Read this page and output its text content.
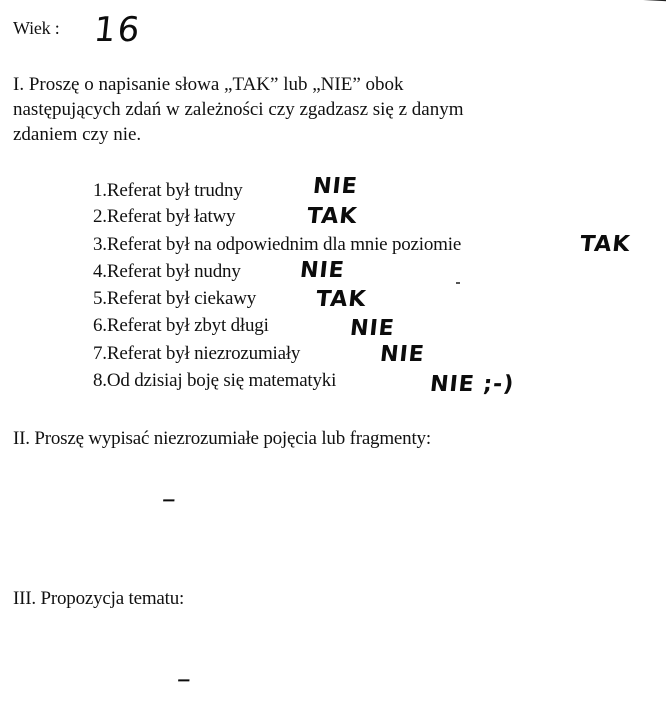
Wiek : 16
I. Proszę o napisanie słowa „TAK” lub „NIE” obok
następujących zdań w zależności czy zgadzasz się z danym
zdaniem czy nie.
1.Referat był trudny	NIE
2.Referat był łatwy	TAK
3.Referat był na odpowiednim dla mnie poziomie	TAK
4.Referat był nudny	NIE
5.Referat był ciekawy	TAK
6.Referat był zbyt długi	NIE
7.Referat był niezrozumiały	NIE
8.Od dzisiaj boję się matematyki	NIE ;-)
II. Proszę wypisać niezrozumiałe pojęcia lub fragmenty:
–
III. Propozycja tematu:
–
